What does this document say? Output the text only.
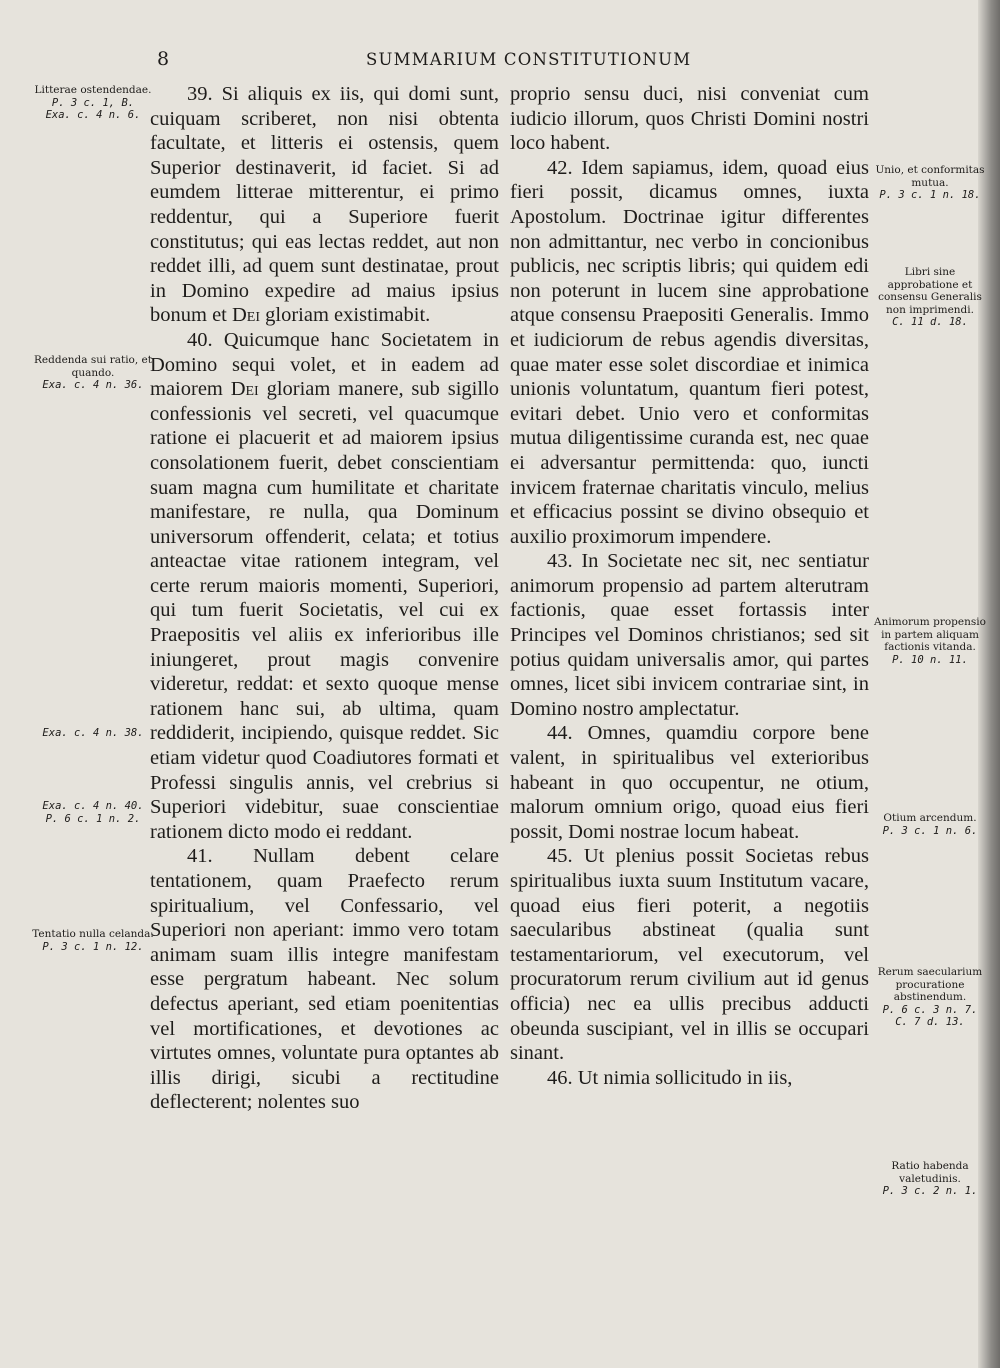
8	SUMMARIUM CONSTITUTIONUM

39. Si aliquis ex iis, qui domi sunt, cuiquam scriberet, non nisi obtenta facultate, et litteris ei ostensis, quem Superior destinaverit, id faciet. Si ad eumdem litterae mitterentur, ei primo reddentur, qui a Superiore fuerit constitutus; qui eas lectas reddet, aut non reddet illi, ad quem sunt destinatae, prout in Domino expedire ad maius ipsius bonum et Dei gloriam existimabit.

40. Quicumque hanc Societatem in Domino sequi volet, et in eadem ad maiorem Dei gloriam manere, sub sigillo confessionis vel secreti, vel quacumque ratione ei placuerit et ad maiorem ipsius consolationem fuerit, debet conscientiam suam magna cum humilitate et charitate manifestare, re nulla, qua Dominum universorum offenderit, celata; et totius anteactae vitae rationem integram, vel certe rerum maioris momenti, Superiori, qui tum fuerit Societatis, vel cui ex Praepositis vel aliis ex inferioribus ille iniungeret, prout magis convenire videretur, reddat: et sexto quoque mense rationem hanc sui, ab ultima, quam reddiderit, incipiendo, quisque reddet. Sic etiam videtur quod Coadiutores formati et Professi singulis annis, vel crebrius si Superiori videbitur, suae conscientiae rationem dicto modo ei reddant.

41. Nullam debent celare tentationem, quam Praefecto rerum spiritualium, vel Confessario, vel Superiori non aperiant: immo vero totam animam suam illis integre manifestam esse pergratum habeant. Nec solum defectus aperiant, sed etiam poenitentias vel mortificationes, et devotiones ac virtutes omnes, voluntate pura optantes ab illis dirigi, sicubi a rectitudine deflecterent; nolentes suo

proprio sensu duci, nisi conveniat cum iudicio illorum, quos Christi Domini nostri loco habent.

42. Idem sapiamus, idem, quoad eius fieri possit, dicamus omnes, iuxta Apostolum. Doctrinae igitur differentes non admittantur, nec verbo in concionibus publicis, nec scriptis libris; qui quidem edi non poterunt in lucem sine approbatione atque consensu Praepositi Generalis. Immo et iudiciorum de rebus agendis diversitas, quae mater esse solet discordiae et inimica unionis voluntatum, quantum fieri potest, evitari debet. Unio vero et conformitas mutua diligentissime curanda est, nec quae ei adversantur permittenda: quo, iuncti invicem fraternae charitatis vinculo, melius et efficacius possint se divino obsequio et auxilio proximorum impendere.

43. In Societate nec sit, nec sentiatur animorum propensio ad partem alterutram factionis, quae esset fortassis inter Principes vel Dominos christianos; sed sit potius quidam universalis amor, qui partes omnes, licet sibi invicem contrariae sint, in Domino nostro amplectatur.

44. Omnes, quamdiu corpore bene valent, in spiritualibus vel exterioribus habeant in quo occupentur, ne otium, malorum omnium origo, quoad eius fieri possit, Domi nostrae locum habeat.

45. Ut plenius possit Societas rebus spiritualibus iuxta suum Institutum vacare, quoad eius fieri poterit, a negotiis saecularibus abstineat (qualia sunt testamentariorum, vel executorum, vel procuratorum rerum civilium aut id genus officia) nec ea ullis precibus adducti obeunda suscipiant, vel in illis se occupari sinant.

46. Ut nimia sollicitudo in iis,

Litterae ostendendae.
P. 3 c. 1, B.
Exa. c. 4 n. 6.
Reddenda sui ratio, et quando.
Exa. c. 4 n. 36.
Exa. c. 4 n. 38.
Exa. c. 4 n. 40.
P. 6 c. 1 n. 2.
Tentatio nulla celanda.
P. 3 c. 1 n. 12.
Unio, et conformitas mutua.
P. 3 c. 1 n. 18.
Libri sine approbatione et consensu Generalis non imprimendi.
C. 11 d. 18.
Animorum propensio in partem aliquam factionis vitanda.
P. 10 n. 11.
Otium arcendum.
P. 3 c. 1 n. 6.
Rerum saecularium procuratione abstinendum.
P. 6 c. 3 n. 7.
C. 7 d. 13.
Ratio habenda valetudinis.
P. 3 c. 2 n. 1.
